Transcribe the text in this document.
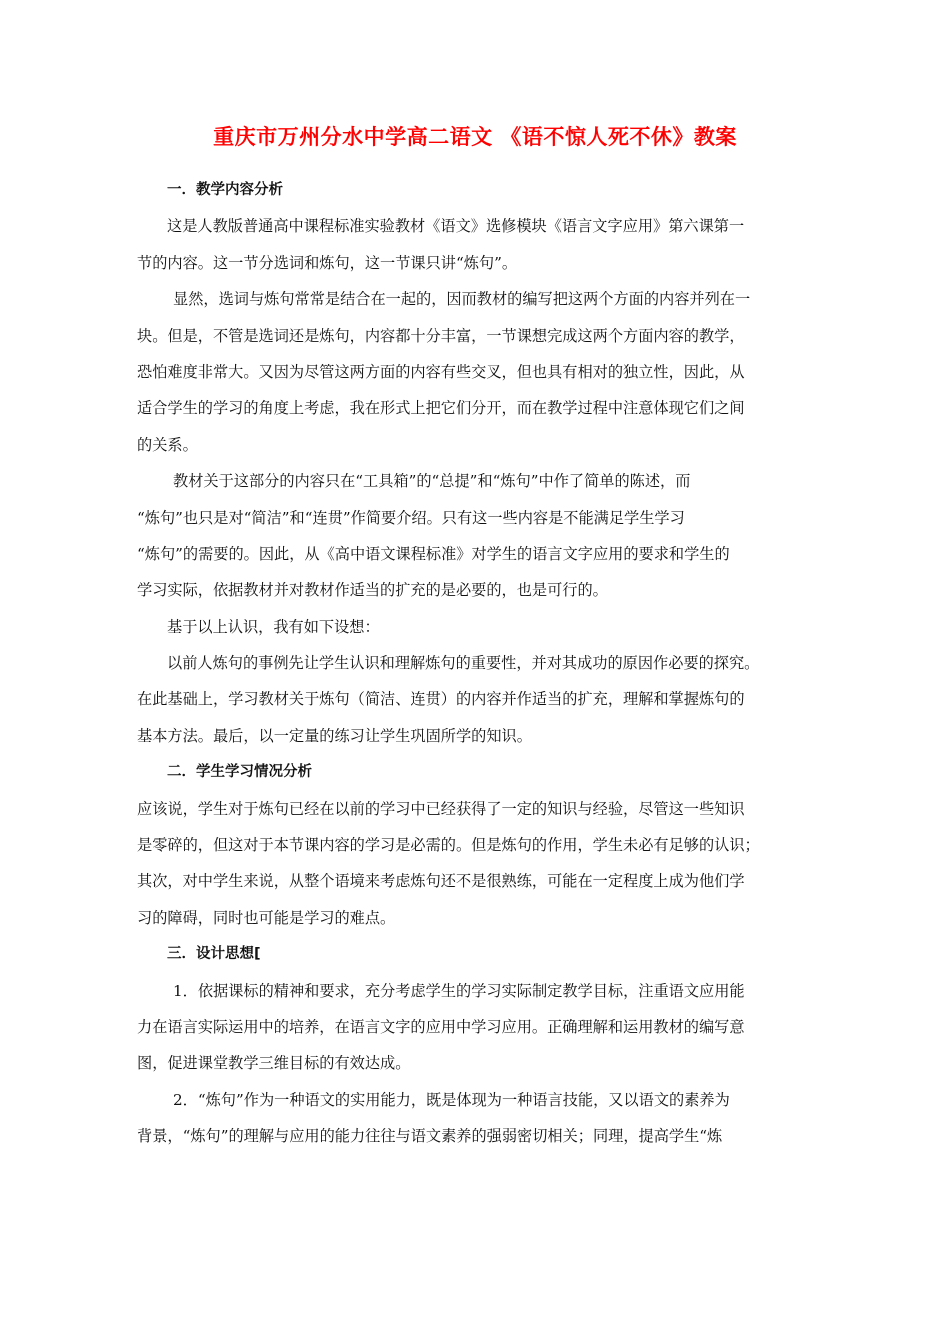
重庆市万州分水中学高二语文 《语不惊人死不休》教案
一．教学内容分析
这是人教版普通高中课程标准实验教材《语文》选修模块《语言文字应用》第六课第一
节的内容。这一节分选词和炼句，这一节课只讲“炼句”。
显然，选词与炼句常常是结合在一起的，因而教材的编写把这两个方面的内容并列在一
块。但是，不管是选词还是炼句，内容都十分丰富，一节课想完成这两个方面内容的教学，
恐怕难度非常大。又因为尽管这两方面的内容有些交叉，但也具有相对的独立性，因此，从
适合学生的学习的角度上考虑，我在形式上把它们分开，而在教学过程中注意体现它们之间
的关系。
教材关于这部分的内容只在“工具箱”的“总提”和“炼句”中作了简单的陈述，而
“炼句”也只是对“简洁”和“连贯”作简要介绍。只有这一些内容是不能满足学生学习
“炼句”的需要的。因此，从《高中语文课程标准》对学生的语言文字应用的要求和学生的
学习实际，依据教材并对教材作适当的扩充的是必要的，也是可行的。
基于以上认识，我有如下设想：
以前人炼句的事例先让学生认识和理解炼句的重要性，并对其成功的原因作必要的探究。
在此基础上，学习教材关于炼句（简洁、连贯）的内容并作适当的扩充，理解和掌握炼句的
基本方法。最后，以一定量的练习让学生巩固所学的知识。
二．学生学习情况分析
应该说，学生对于炼句已经在以前的学习中已经获得了一定的知识与经验，尽管这一些知识
是零碎的，但这对于本节课内容的学习是必需的。但是炼句的作用，学生未必有足够的认识；
其次，对中学生来说，从整个语境来考虑炼句还不是很熟练，可能在一定程度上成为他们学
习的障碍，同时也可能是学习的难点。
三．设计思想[
1．依据课标的精神和要求，充分考虑学生的学习实际制定教学目标，注重语文应用能
力在语言实际运用中的培养，在语言文字的应用中学习应用。正确理解和运用教材的编写意
图，促进课堂教学三维目标的有效达成。
2．“炼句”作为一种语文的实用能力，既是体现为一种语言技能，又以语文的素养为
背景，“炼句”的理解与应用的能力往往与语文素养的强弱密切相关；同理，提高学生“炼
